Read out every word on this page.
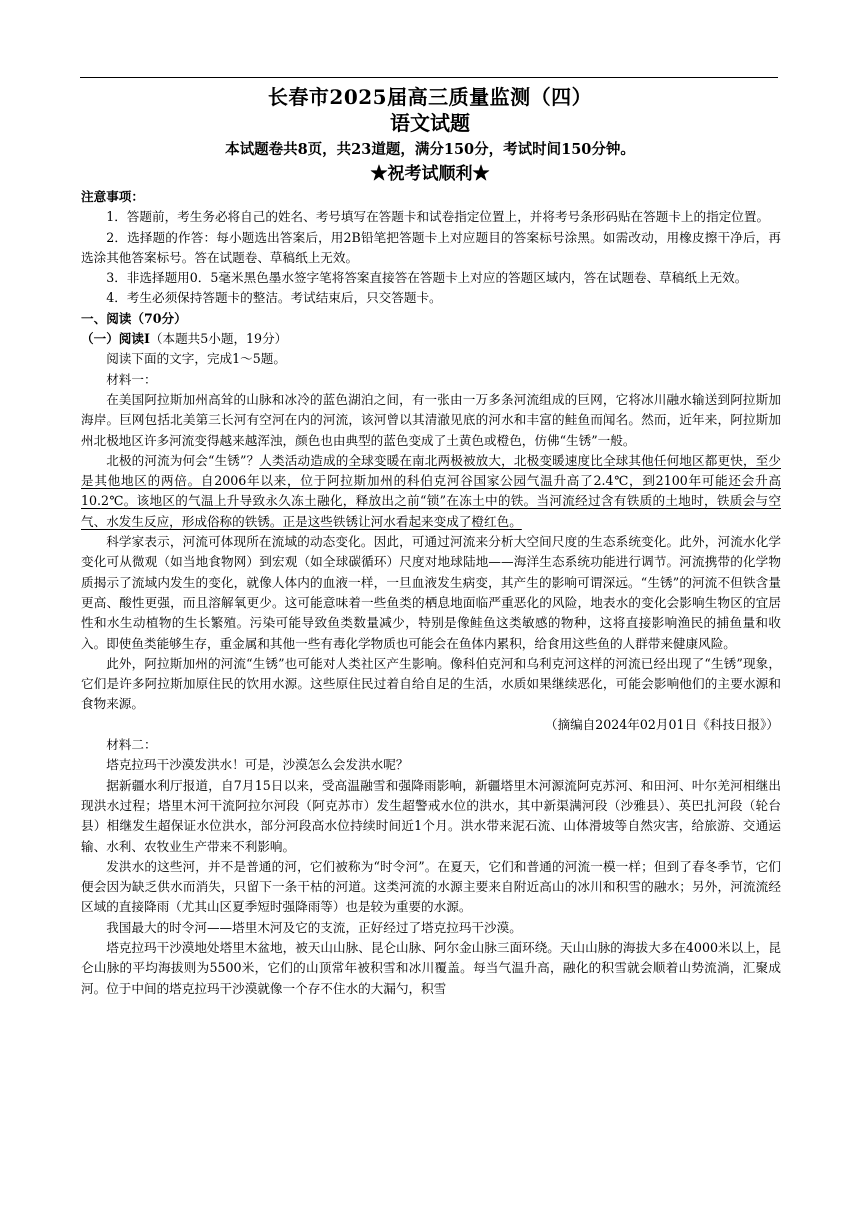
长春市2025届高三质量监测（四）
语文试题
本试题卷共8页，共23道题，满分150分，考试时间150分钟。
★祝考试顺利★

注意事项：

1．答题前，考生务必将自己的姓名、考号填写在答题卡和试卷指定位置上，并将考号条形码贴在答题卡上的指定位置。

2．选择题的作答：每小题选出答案后，用2B铅笔把答题卡上对应题目的答案标号涂黑。如需改动，用橡皮擦干净后，再选涂其他答案标号。答在试题卷、草稿纸上无效。

3．非选择题用0．5毫米黑色墨水签字笔将答案直接答在答题卡上对应的答题区域内，答在试题卷、草稿纸上无效。

4．考生必须保持答题卡的整洁。考试结束后，只交答题卡。

一、阅读（70分）

（一）阅读Ⅰ（本题共5小题，19分）

阅读下面的文字，完成1～5题。

材料一：

在美国阿拉斯加州高耸的山脉和冰冷的蓝色湖泊之间，有一张由一万多条河流组成的巨网，它将冰川融水输送到阿拉斯加海岸。巨网包括北美第三长河有空河在内的河流，该河曾以其清澈见底的河水和丰富的鲑鱼而闻名。然而，近年来，阿拉斯加州北极地区许多河流变得越来越浑浊，颜色也由典型的蓝色变成了土黄色或橙色，仿佛“生锈”一般。

北极的河流为何会“生锈”？人类活动造成的全球变暖在南北两极被放大，北极变暖速度比全球其他任何地区都更快，至少是其他地区的两倍。自2006年以来，位于阿拉斯加州的科伯克河谷国家公园气温升高了2.4℃，到2100年可能还会升高10.2℃。该地区的气温上升导致永久冻土融化，释放出之前“锁”在冻土中的铁。当河流经过含有铁质的土地时，铁质会与空气、水发生反应，形成俗称的铁锈。正是这些铁锈让河水看起来变成了橙红色。

科学家表示，河流可体现所在流域的动态变化。因此，可通过河流来分析大空间尺度的生态系统变化。此外，河流水化学变化可从微观（如当地食物网）到宏观（如全球碳循环）尺度对地球陆地——海洋生态系统功能进行调节。河流携带的化学物质揭示了流域内发生的变化，就像人体内的血液一样，一旦血液发生病变，其产生的影响可谓深远。“生锈”的河流不但铁含量更高、酸性更强，而且溶解氧更少。这可能意味着一些鱼类的栖息地面临严重恶化的风险，地表水的变化会影响生物区的宜居性和水生动植物的生长繁殖。污染可能导致鱼类数量减少，特别是像鲑鱼这类敏感的物种，这将直接影响渔民的捕鱼量和收入。即使鱼类能够生存，重金属和其他一些有毒化学物质也可能会在鱼体内累积，给食用这些鱼的人群带来健康风险。

此外，阿拉斯加州的河流“生锈”也可能对人类社区产生影响。像科伯克河和乌利克河这样的河流已经出现了“生锈”现象，它们是许多阿拉斯加原住民的饮用水源。这些原住民过着自给自足的生活，水质如果继续恶化，可能会影响他们的主要水源和食物来源。

（摘编自2024年02月01日《科技日报》）

材料二：

塔克拉玛干沙漠发洪水！可是，沙漠怎么会发洪水呢？

据新疆水利厅报道，自7月15日以来，受高温融雪和强降雨影响，新疆塔里木河源流阿克苏河、和田河、叶尔羌河相继出现洪水过程；塔里木河干流阿拉尔河段（阿克苏市）发生超警戒水位的洪水，其中新渠满河段（沙雅县）、英巴扎河段（轮台县）相继发生超保证水位洪水，部分河段高水位持续时间近1个月。洪水带来泥石流、山体滑坡等自然灾害，给旅游、交通运输、水利、农牧业生产带来不利影响。

发洪水的这些河，并不是普通的河，它们被称为“时令河”。在夏天，它们和普通的河流一模一样；但到了春冬季节，它们便会因为缺乏供水而消失，只留下一条干枯的河道。这类河流的水源主要来自附近高山的冰川和积雪的融水；另外，河流流经区域的直接降雨（尤其山区夏季短时强降雨等）也是较为重要的水源。

我国最大的时令河——塔里木河及它的支流，正好经过了塔克拉玛干沙漠。

塔克拉玛干沙漠地处塔里木盆地，被天山山脉、昆仑山脉、阿尔金山脉三面环绕。天山山脉的海拔大多在4000米以上，昆仑山脉的平均海拔则为5500米，它们的山顶常年被积雪和冰川覆盖。每当气温升高，融化的积雪就会顺着山势流淌，汇聚成河。位于中间的塔克拉玛干沙漠就像一个存不住水的大漏勺，积雪
